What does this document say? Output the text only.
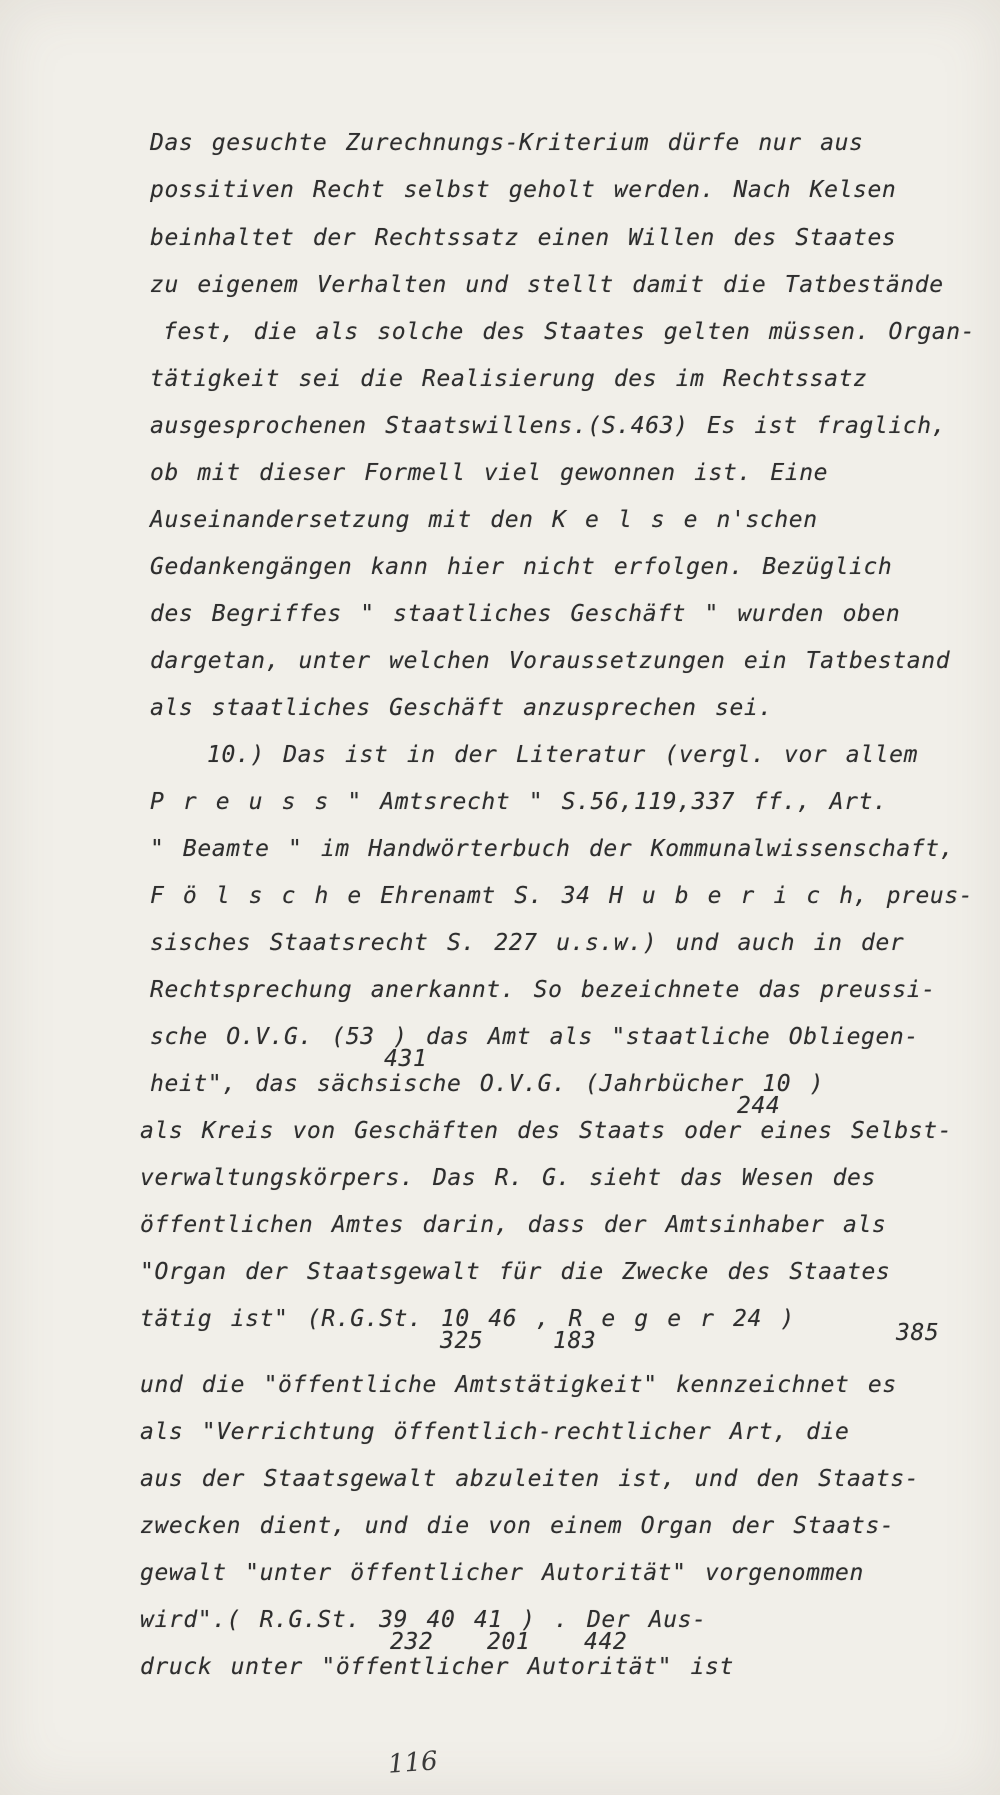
Das gesuchte Zurechnungs-Kriterium dürfe nur aus
possitiven Recht selbst geholt werden. Nach Kelsen
beinhaltet der Rechtssatz einen Willen des Staates
zu eigenem Verhalten und stellt damit die Tatbestände
fest, die als solche des Staates gelten müssen. Organ-
tätigkeit sei die Realisierung des im Rechtssatz
ausgesprochenen Staatswillens.(S.463) Es ist fraglich,
ob mit dieser Formell viel gewonnen ist. Eine
Auseinandersetzung mit den K e l s e n'schen
Gedankengängen kann hier nicht erfolgen. Bezüglich
des Begriffes " staatliches Geschäft " wurden oben
dargetan, unter welchen Voraussetzungen ein Tatbestand
als staatliches Geschäft anzusprechen sei.
10.) Das ist in der Literatur (vergl. vor allem
P r e u s s " Amtsrecht " S.56,119,337 ff., Art.
" Beamte " im Handwörterbuch der Kommunalwissenschaft,
F ö l s c h e Ehrenamt S. 34 H u b e r i c h, preus-
sisches Staatsrecht S. 227 u.s.w.) und auch in der
Rechtsprechung anerkannt. So bezeichnete das preussi-
sche O.V.G. (53 ) das Amt als "staatliche Obliegen-
heit", das sächsische O.V.G. (Jahrbücher 10 )
als Kreis von Geschäften des Staats oder eines Selbst-
verwaltungskörpers. Das R. G. sieht das Wesen des
öffentlichen Amtes darin, dass der Amtsinhaber als
"Organ der Staatsgewalt für die Zwecke des Staates
tätig ist" (R.G.St. 10 46 , R e g e r 24 )
und die "öffentliche Amtstätigkeit" kennzeichnet es
als "Verrichtung öffentlich-rechtlicher Art, die
aus der Staatsgewalt abzuleiten ist, und den Staats-
zwecken dient, und die von einem Organ der Staats-
gewalt "unter öffentlicher Autorität" vorgenommen
wird".( R.G.St. 39 40 41 ) . Der Aus-
druck unter "öffentlicher Autorität" ist
431
244
325	183	385
232 201 442
116
